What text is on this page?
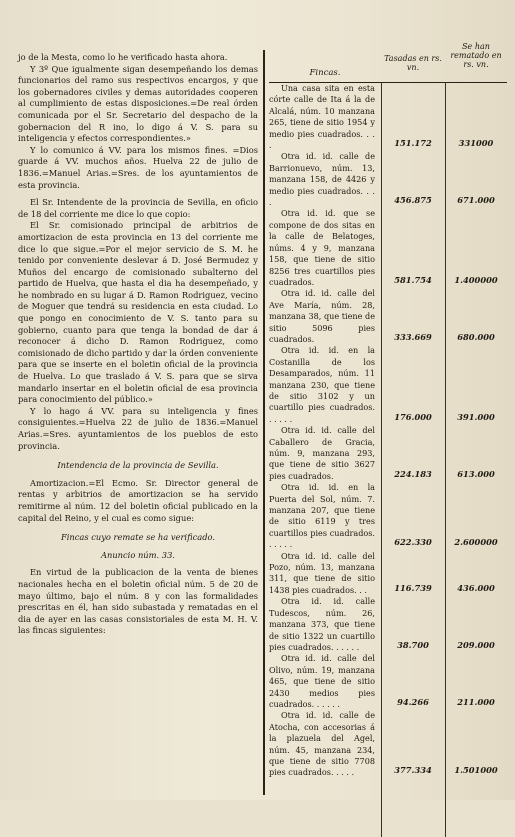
jo de la Mesta, como lo he verificado hasta ahora.

Y 3º Que igualmente sigan desempeñando los demas funcionarios del ramo sus respectivos encargos, y que los gobernadores civiles y demas autoridades cooperen al cumplimiento de estas disposiciones.=De real órden comunicada por el Sr. Secretario del despacho de la gobernacion del R ino, lo digo á V. S. para su inteligencia y efectos correspondientes.»

Y lo comunico á VV. para los mismos fines. =Dios guarde á VV. muchos años. Huelva 22 de julio de 1836.=Manuel Arias.=Sres. de los ayuntamientos de esta provincia.

El Sr. Intendente de la provincia de Sevilla, en oficio de 18 del corriente me dice lo que copio:

El Sr. comisionado principal de arbitrios de amortizacion de esta provincia en 13 del corriente me dice lo que sigue.=Por el mejor servicio de S. M. he tenido por conveniente deslevar á D. José Bermudez y Muños del encargo de comisionado subalterno del partido de Huelva, que hasta el dia ha desempeñado, y he nombrado en su lugar á D. Ramon Rodriguez, vecino de Moguer que tendrá su residencia en esta ciudad. Lo que pongo en conocimiento de V. S. tanto para su gobierno, cuanto para que tenga la bondad de dar á reconocer á dicho D. Ramon Rodriguez, como comisionado de dicho partido y dar la órden conveniente para que se inserte en el boletin oficial de la provincia de Huelva. Lo que traslado á V. S. para que se sirva mandarlo insertar en el boletin oficial de esa provincia para conocimiento del público.»

Y lo hago á VV. para su inteligencia y fines consiguientes.=Huelva 22 de julio de 1836.=Manuel Arias.=Sres. ayuntamientos de los pueblos de esto provincia.

Intendencia de la provincia de Sevilla.

Amortizacion.=El Ecmo. Sr. Director general de rentas y arbitrios de amortizacion se ha servido remitirme al núm. 12 del boletin oficial publicado en la capital del Reino, y el cual es como sigue:

Fincas cuyo remate se ha verificado.

Anuncio núm. 33.

En virtud de la publicacion de la venta de bienes nacionales hecha en el boletin oficial núm. 5 de 20 de mayo último, bajo el núm. 8 y con las formalidades prescritas en él, han sido subastada y rematadas en el dia de ayer en las casas consistoriales de esta M. H. V. las fincas siguientes:

Fincas.
Tasadas en rs. vn.
Se han rematado en rs. vn.
Una casa sita en esta córte calle de Ita á la de Alcalá, núm. 10 manzana 265, tiene de sitio 1954 y medio pies cuadrados. . . .	151.172	331000
Otra id. id. calle de Barrionuevo, núm. 13, manzana 158, de 4426 y medio pies cuadrados. . . .	456.875	671.000
Otra id. id. que se compone de dos sitas en la calle de Belatoges, núms. 4 y 9, manzana 158, que tiene de sitio 8256 tres cuartillos pies cuadrados.	581.754	1.400000
Otra id. id. calle del Ave María, núm. 28, manzana 38, que tiene de sitio 5096 pies cuadrados.	333.669	680.000
Otra id. id. en la Costanilla de los Desamparados, núm. 11 manzana 230, que tiene de sitio 3102 y un cuartillo pies cuadrados. . . . . .	176.000	391.000
Otra id. id. calle del Caballero de Gracia, núm. 9, manzana 293, que tiene de sitio 3627 pies cuadrados.	224.183	613.000
Otra id. id. en la Puerta del Sol, núm. 7. manzana 207, que tiene de sitio 6119 y tres cuartillos pies cuadrados. . . . . .	622.330	2.600000
Otra id. id. calle del Pozo, núm. 13, manzana 311, que tiene de sitio 1438 pies cuadrados. . .	116.739	436.000
Otra id. id. calle Tudescos, núm. 26, manzana 373, que tiene de sitio 1322 un cuartillo pies cuadrados. . . . . .	38.700	209.000
Otra id. id. calle del Olivo, núm. 19, manzana 465, que tiene de sitio 2430 medios pies cuadrados. . . . . .	94.266	211.000
Otra id. id. calle de Atocha, con accesorias á la plazuela del Agel, núm. 45, manzana 234, que tiene de sitio 7708 pies cuadrados. . . . .	377.334	1.501000
